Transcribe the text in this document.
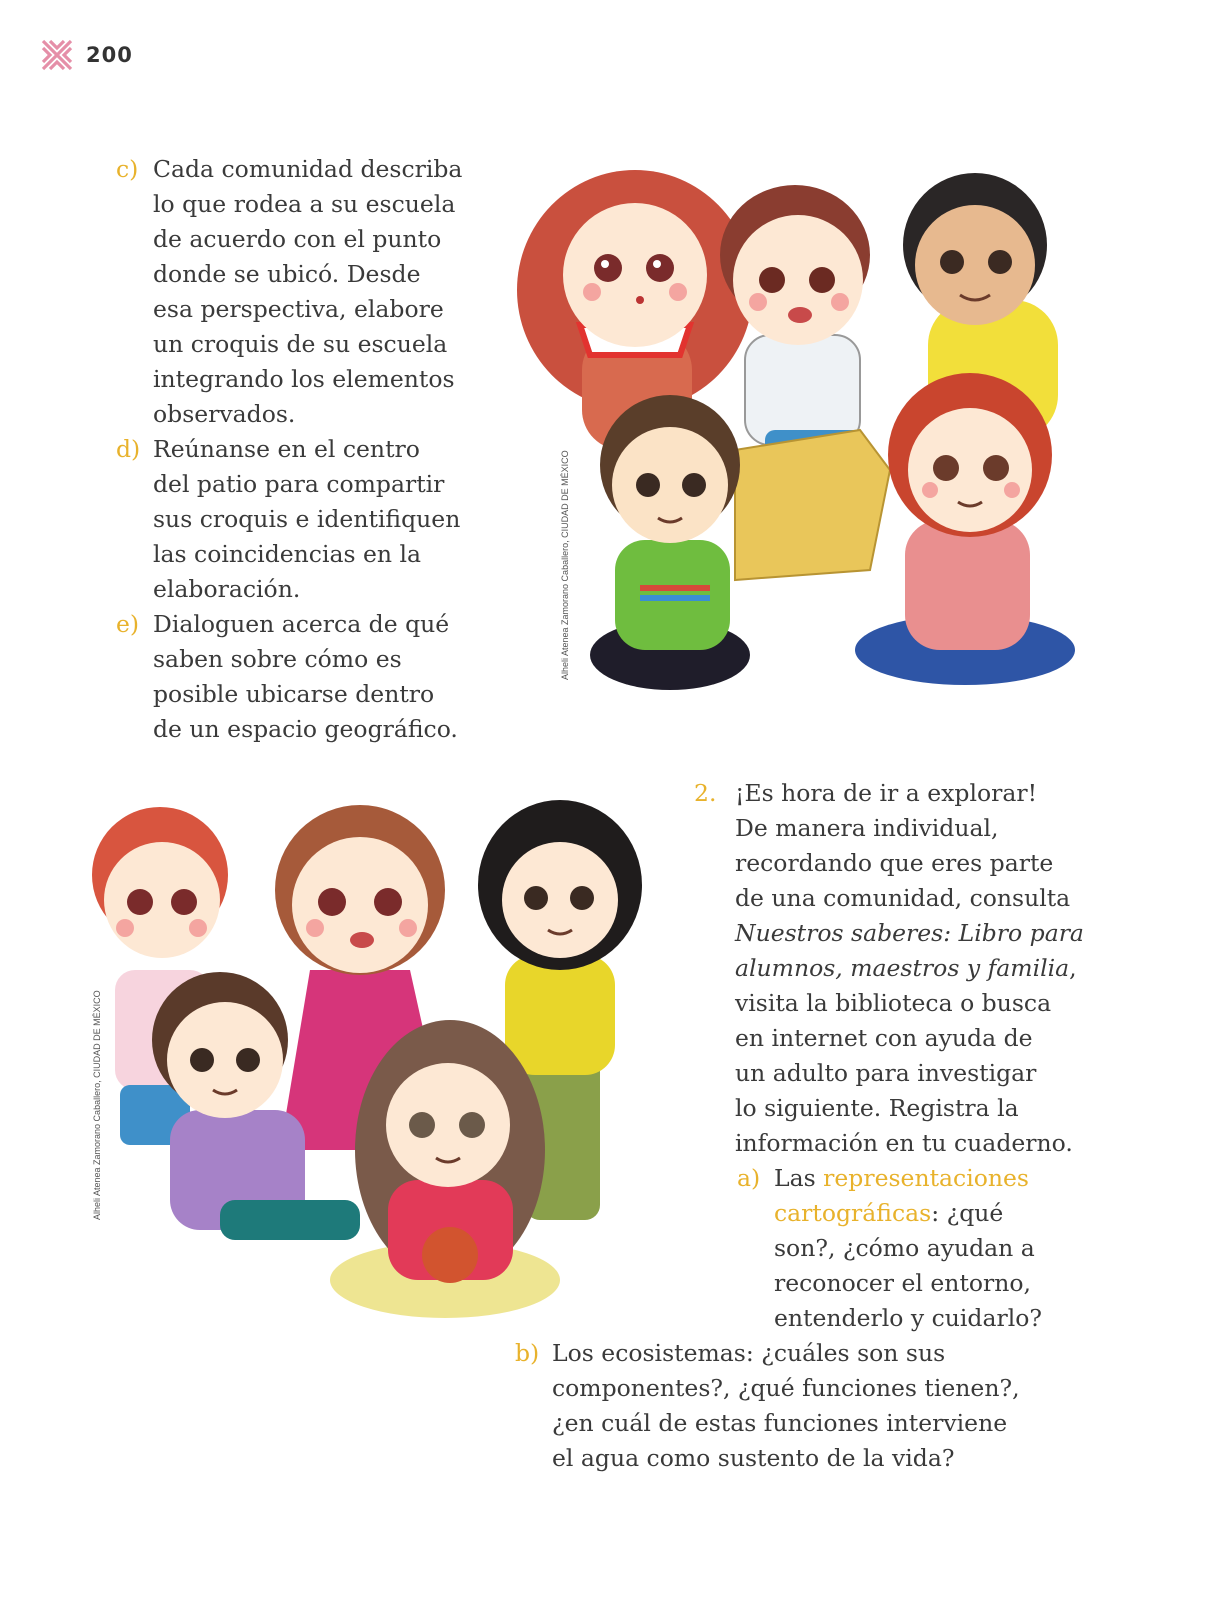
200
c) Cada comunidad describa
lo que rodea a su escuela
de acuerdo con el punto
donde se ubicó. Desde
esa perspectiva, elabore
un croquis de su escuela
integrando los elementos
observados.
d) Reúnanse en el centro
del patio para compartir
sus croquis e identifiquen
las coincidencias en la
elaboración.
e) Dialoguen acerca de qué
saben sobre cómo es
posible ubicarse dentro
de un espacio geográfico.
Alheli Atenea Zamorano Caballero, CIUDAD DE MÉXICO
Alheli Atenea Zamorano Caballero, CIUDAD DE MÉXICO
2. ¡Es hora de ir a explorar!
De manera individual,
recordando que eres parte
de una comunidad, consulta
Nuestros saberes: Libro para
alumnos, maestros y familia,
visita la biblioteca o busca
en internet con ayuda de
un adulto para investigar
lo siguiente. Registra la
información en tu cuaderno.
a) Las representaciones
cartográficas: ¿qué
son?, ¿cómo ayudan a
reconocer el entorno,
entenderlo y cuidarlo?
b) Los ecosistemas: ¿cuáles son sus
componentes?, ¿qué funciones tienen?,
¿en cuál de estas funciones interviene
el agua como sustento de la vida?
